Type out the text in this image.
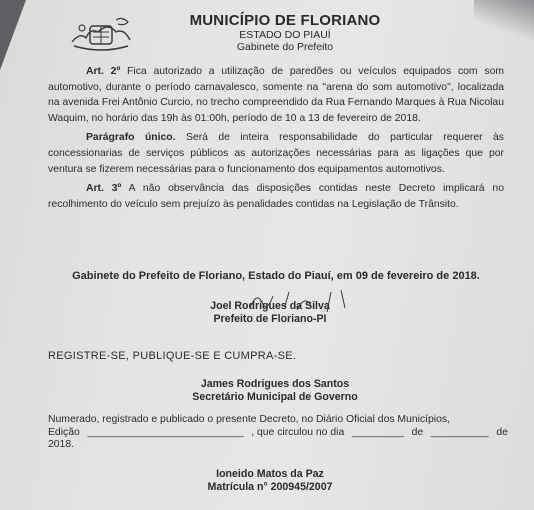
MUNICÍPIO DE FLORIANO
ESTADO DO PIAUÍ
Gabinete do Prefeito

Art. 2º Fica autorizado a utilização de paredões ou veículos equipados com som automotivo, durante o período carnavalesco, somente na "arena do som automotivo", localizada na avenida Frei Antônio Curcio, no trecho compreendido da Rua Fernando Marques à Rua Nicolau Waquim, no horário das 19h às 01:00h, período de 10 a 13 de fevereiro de 2018.

Parágrafo único. Será de inteira responsabilidade do particular requerer às concessionarias de serviços públicos as autorizações necessárias para as ligações que por ventura se fizerem necessárias para o funcionamento dos equipamentos automotivos.

Art. 3º A não observância das disposições contidas neste Decreto implicará no recolhimento do veículo sem prejuízo às penalidades contidas na Legislação de Trânsito.

Gabinete do Prefeito de Floriano, Estado do Piauí, em 09 de fevereiro de 2018.
Joel Rodrigues da Silva
Prefeito de Floriano-PI
REGISTRE-SE, PUBLIQUE-SE E CUMPRA-SE.
James Rodrigues dos Santos
Secretário Municipal de Governo
Numerado, registrado e publicado o presente Decreto, no Diário Oficial dos Municípios,
Edição ___________________________ , que circulou no dia _________ de __________ de
2018.
Ioneido Matos da Paz
Matrícula n° 200945/2007
